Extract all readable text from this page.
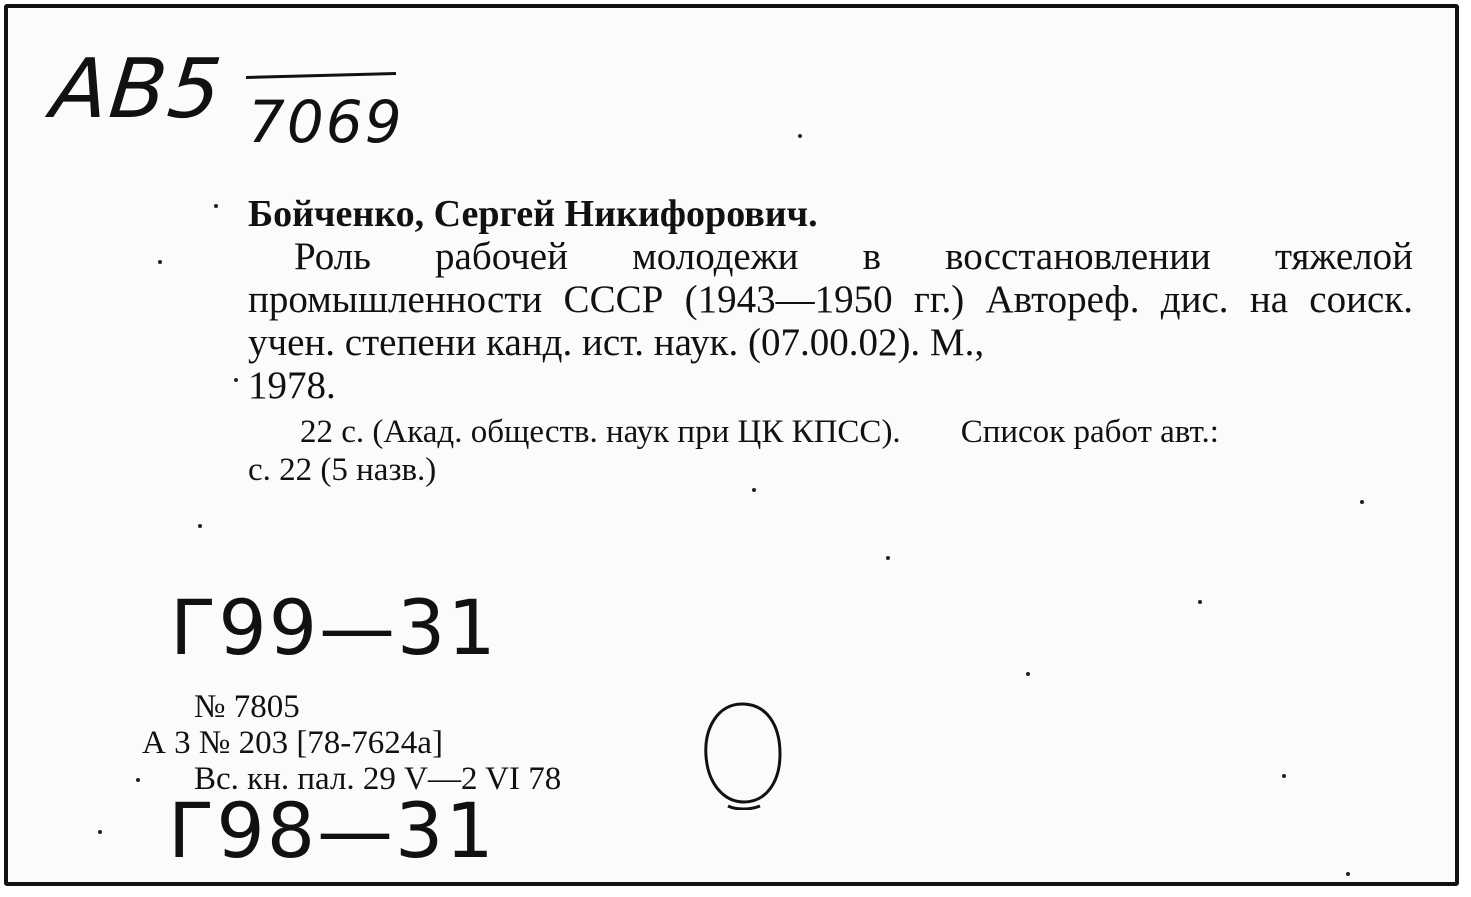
АВ5 7069
Бойченко, Сергей Никифорович.
Роль рабочей молодежи в восстановлении тяжелой промышленности СССР (1943—1950 гг.) Автореф. дис. на соиск. учен. степени канд. ист. наук. (07.00.02). М.,
1978.
22 с. (Акад. обществ. наук при ЦК КПСС). Список работ авт.:
с. 22 (5 назв.)
Г99—31
№ 7805
А 3 № 203 [78-7624а]
Вс. кн. пал. 29 V—2 VI 78
Г98—31
